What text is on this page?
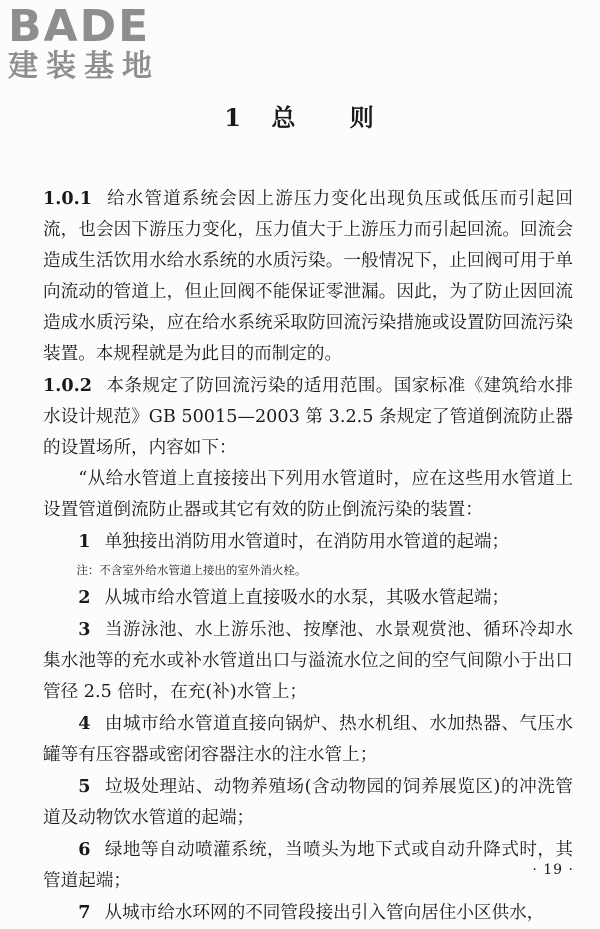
BADE
建装基地
1 总 则

1.0.1 给水管道系统会因上游压力变化出现负压或低压而引起回流，也会因下游压力变化，压力值大于上游压力而引起回流。回流会造成生活饮用水给水系统的水质污染。一般情况下，止回阀可用于单向流动的管道上，但止回阀不能保证零泄漏。因此，为了防止因回流造成水质污染，应在给水系统采取防回流污染措施或设置防回流污染装置。本规程就是为此目的而制定的。

1.0.2 本条规定了防回流污染的适用范围。国家标准《建筑给水排水设计规范》GB 50015—2003 第 3.2.5 条规定了管道倒流防止器的设置场所，内容如下：

“从给水管道上直接接出下列用水管道时，应在这些用水管道上设置管道倒流防止器或其它有效的防止倒流污染的装置：

1 单独接出消防用水管道时，在消防用水管道的起端；

注：不含室外给水管道上接出的室外消火栓。

2 从城市给水管道上直接吸水的水泵，其吸水管起端；

3 当游泳池、水上游乐池、按摩池、水景观赏池、循环冷却水集水池等的充水或补水管道出口与溢流水位之间的空气间隙小于出口管径 2.5 倍时，在充(补)水管上；

4 由城市给水管道直接向锅炉、热水机组、水加热器、气压水罐等有压容器或密闭容器注水的注水管上；

5 垃圾处理站、动物养殖场(含动物园的饲养展览区)的冲洗管道及动物饮水管道的起端；

6 绿地等自动喷灌系统，当喷头为地下式或自动升降式时，其管道起端；

7 从城市给水环网的不同管段接出引入管向居住小区供水，

· 19 ·
